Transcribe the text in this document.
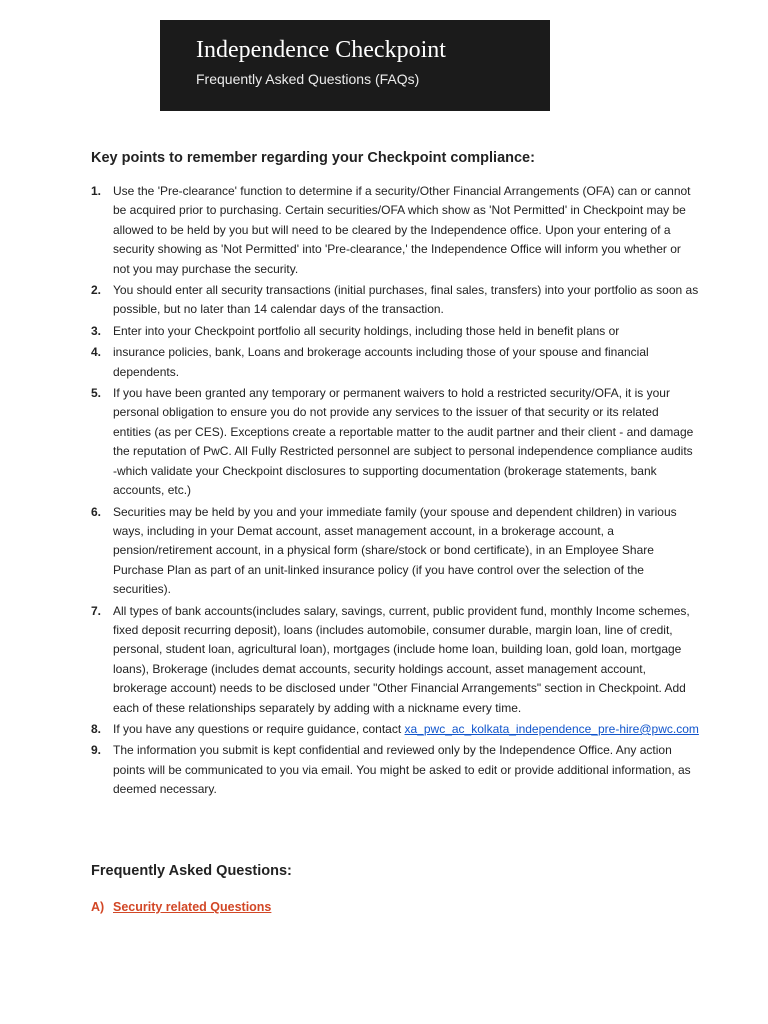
Independence Checkpoint
Frequently Asked Questions (FAQs)
Key points to remember regarding your Checkpoint compliance:
1. Use the 'Pre-clearance' function to determine if a security/Other Financial Arrangements (OFA) can or cannot be acquired prior to purchasing. Certain securities/OFA which show as 'Not Permitted' in Checkpoint may be allowed to be held by you but will need to be cleared by the Independence office. Upon your entering of a security showing as 'Not Permitted' into 'Pre-clearance,' the Independence Office will inform you whether or not you may purchase the security.
2. You should enter all security transactions (initial purchases, final sales, transfers) into your portfolio as soon as possible, but no later than 14 calendar days of the transaction.
3. Enter into your Checkpoint portfolio all security holdings, including those held in benefit plans or
4. insurance policies, bank, Loans and brokerage accounts including those of your spouse and financial dependents.
5. If you have been granted any temporary or permanent waivers to hold a restricted security/OFA, it is your personal obligation to ensure you do not provide any services to the issuer of that security or its related entities (as per CES). Exceptions create a reportable matter to the audit partner and their client - and damage the reputation of PwC. All Fully Restricted personnel are subject to personal independence compliance audits -which validate your Checkpoint disclosures to supporting documentation (brokerage statements, bank accounts, etc.)
6. Securities may be held by you and your immediate family (your spouse and dependent children) in various ways, including in your Demat account, asset management account, in a brokerage account, a pension/retirement account, in a physical form (share/stock or bond certificate), in an Employee Share Purchase Plan as part of an unit-linked insurance policy (if you have control over the selection of the securities).
7. All types of bank accounts(includes salary, savings, current, public provident fund, monthly Income schemes, fixed deposit recurring deposit), loans (includes automobile, consumer durable, margin loan, line of credit, personal, student loan, agricultural loan), mortgages (include home loan, building loan, gold loan, mortgage loans), Brokerage (includes demat accounts, security holdings account, asset management account, brokerage account) needs to be disclosed under "Other Financial Arrangements" section in Checkpoint. Add each of these relationships separately by adding with a nickname every time.
8. If you have any questions or require guidance, contact xa_pwc_ac_kolkata_independence_pre-hire@pwc.com
9. The information you submit is kept confidential and reviewed only by the Independence Office. Any action points will be communicated to you via email. You might be asked to edit or provide additional information, as deemed necessary.
Frequently Asked Questions:
A) Security related Questions
